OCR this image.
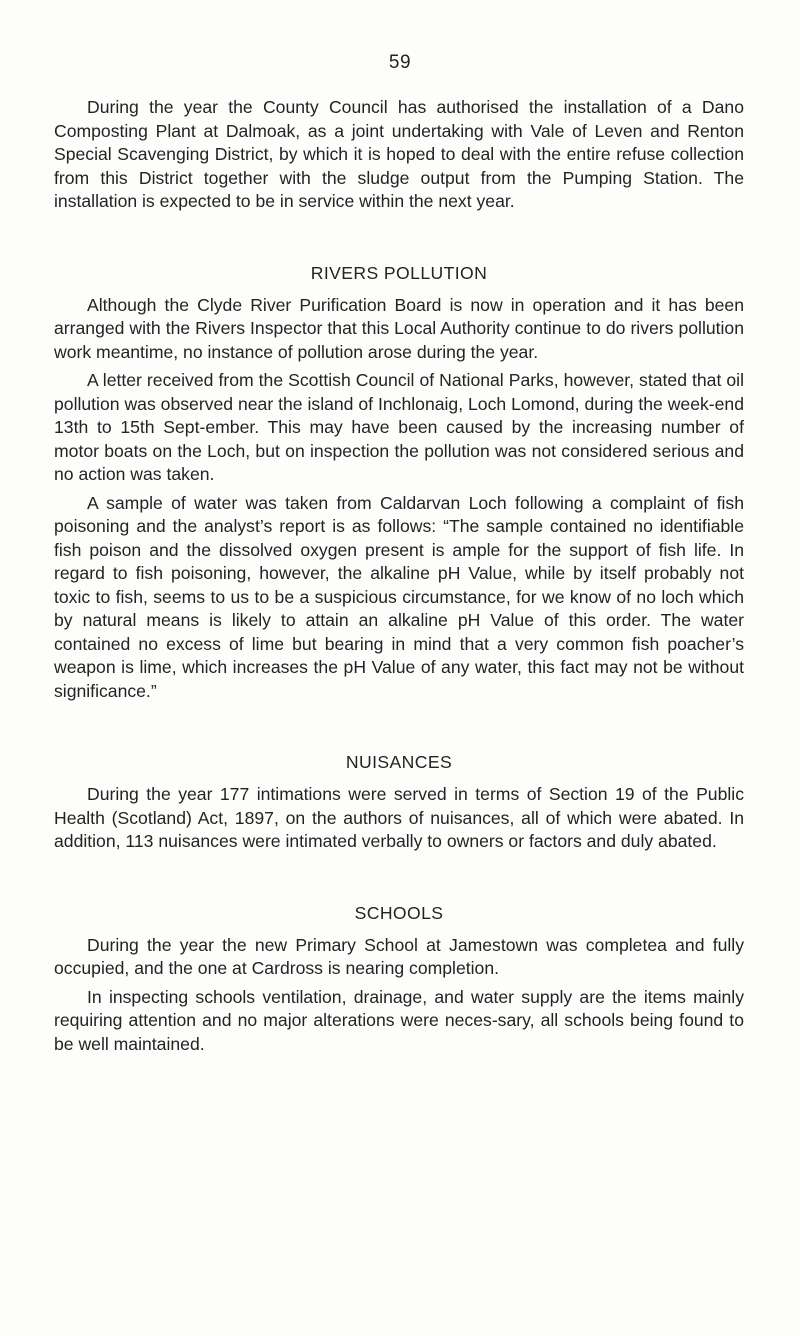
59

During the year the County Council has authorised the installation of a Dano Composting Plant at Dalmoak, as a joint undertaking with Vale of Leven and Renton Special Scavenging District, by which it is hoped to deal with the entire refuse collection from this District together with the sludge output from the Pumping Station. The installation is expected to be in service within the next year.

RIVERS POLLUTION

Although the Clyde River Purification Board is now in operation and it has been arranged with the Rivers Inspector that this Local Authority continue to do rivers pollution work meantime, no instance of pollution arose during the year.

A letter received from the Scottish Council of National Parks, however, stated that oil pollution was observed near the island of Inchlonaig, Loch Lomond, during the week-end 13th to 15th Sept-ember. This may have been caused by the increasing number of motor boats on the Loch, but on inspection the pollution was not considered serious and no action was taken.

A sample of water was taken from Caldarvan Loch following a complaint of fish poisoning and the analyst’s report is as follows: “The sample contained no identifiable fish poison and the dissolved oxygen present is ample for the support of fish life. In regard to fish poisoning, however, the alkaline pH Value, while by itself probably not toxic to fish, seems to us to be a suspicious circumstance, for we know of no loch which by natural means is likely to attain an alkaline pH Value of this order. The water contained no excess of lime but bearing in mind that a very common fish poacher’s weapon is lime, which increases the pH Value of any water, this fact may not be without significance.”

NUISANCES

During the year 177 intimations were served in terms of Section 19 of the Public Health (Scotland) Act, 1897, on the authors of nuisances, all of which were abated. In addition, 113 nuisances were intimated verbally to owners or factors and duly abated.

SCHOOLS

During the year the new Primary School at Jamestown was completea and fully occupied, and the one at Cardross is nearing completion.

In inspecting schools ventilation, drainage, and water supply are the items mainly requiring attention and no major alterations were neces-sary, all schools being found to be well maintained.
